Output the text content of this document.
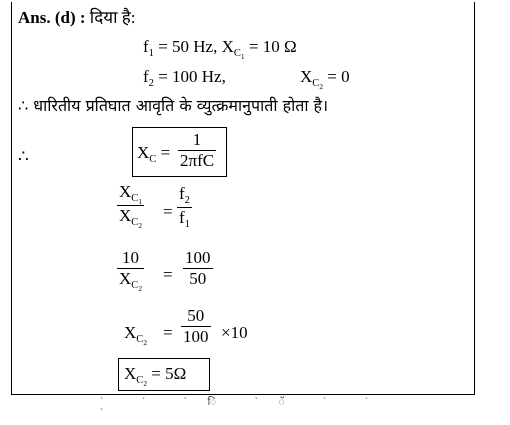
Ans. (d) : दिया है:
$f_1 = 50$ Hz, $X_{C_1} = 10$ Ω
$f_2 = 100$ Hz,	$X_{C_2} = 0$
∴ धारितीय प्रतिघात आवृति के व्युत्क्रमानुपाती होता है।
∴	$X_C$ =
1
2πfC
$X_{C_1}$
$X_{C_2}$
=
$f_2$
$f_1$
10
$X_{C_2}$
=
100
50
$X_{C_2}$
=
50
100 ×10
$X_{C_2} = 5\Omega$
ˋ ˊ ˋ ि ˋ ॅ ˋ ˋ ˋ
